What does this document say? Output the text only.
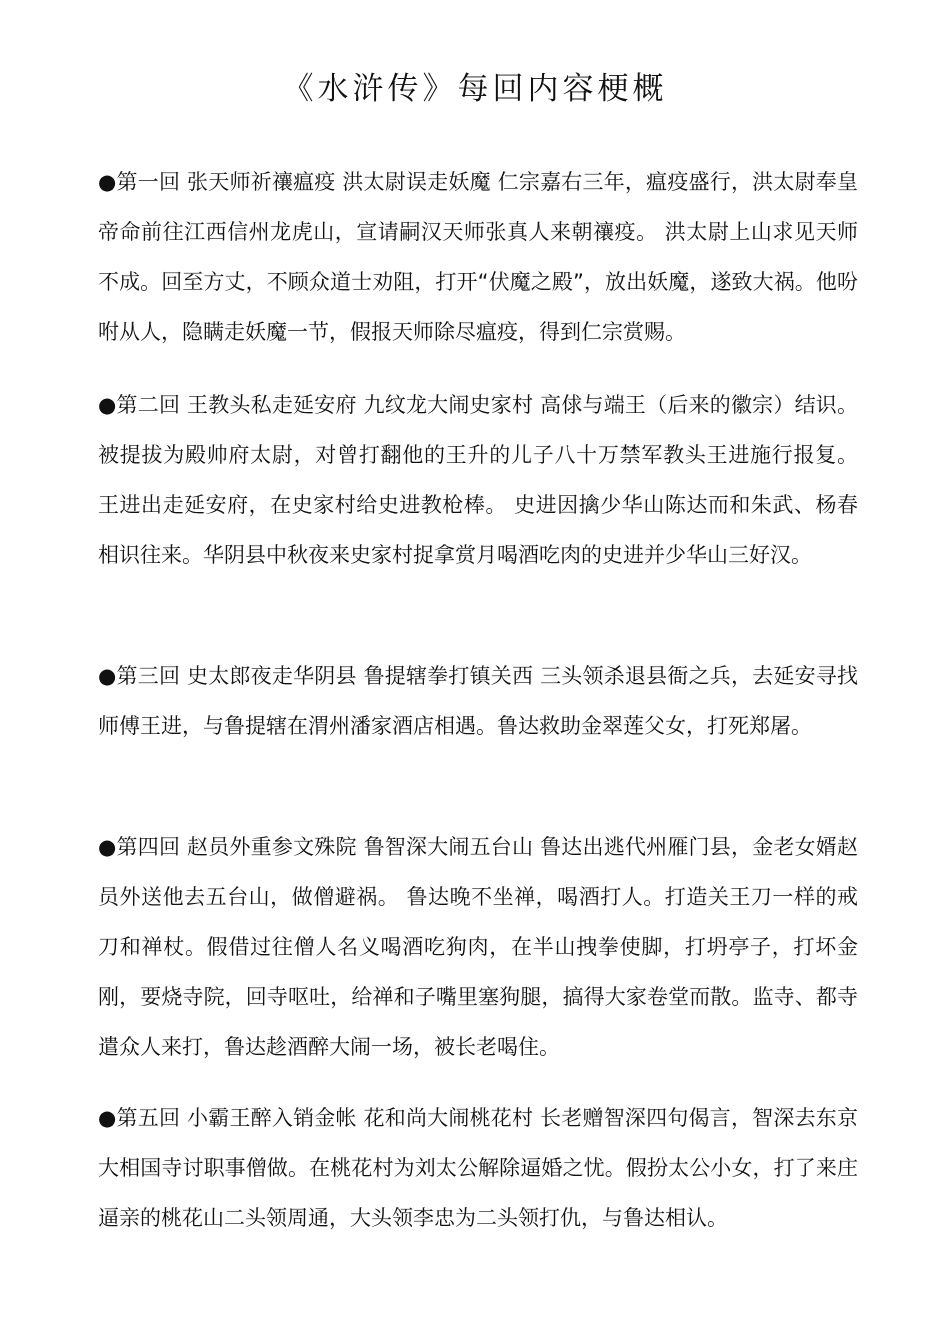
《水浒传》每回内容梗概

●第一回 张天师祈禳瘟疫 洪太尉误走妖魔 仁宗嘉右三年，瘟疫盛行，洪太尉奉皇帝命前往江西信州龙虎山，宣请嗣汉天师张真人来朝禳疫。 洪太尉上山求见天师不成。回至方丈，不顾众道士劝阻，打开“伏魔之殿”，放出妖魔，遂致大祸。他吩咐从人，隐瞒走妖魔一节，假报天师除尽瘟疫，得到仁宗赏赐。

●第二回 王教头私走延安府 九纹龙大闹史家村 高俅与端王（后来的徽宗）结识。被提拔为殿帅府太尉，对曾打翻他的王升的儿子八十万禁军教头王进施行报复。 王进出走延安府，在史家村给史进教枪棒。 史进因擒少华山陈达而和朱武、杨春相识往来。华阴县中秋夜来史家村捉拿赏月喝酒吃肉的史进并少华山三好汉。

●第三回 史太郎夜走华阴县 鲁提辖拳打镇关西 三头领杀退县衙之兵，去延安寻找师傅王进，与鲁提辖在渭州潘家酒店相遇。鲁达救助金翠莲父女，打死郑屠。

●第四回 赵员外重参文殊院 鲁智深大闹五台山 鲁达出逃代州雁门县，金老女婿赵员外送他去五台山，做僧避祸。 鲁达晚不坐禅，喝酒打人。打造关王刀一样的戒刀和禅杖。假借过往僧人名义喝酒吃狗肉，在半山拽拳使脚，打坍亭子，打坏金刚，要烧寺院，回寺呕吐，给禅和子嘴里塞狗腿，搞得大家卷堂而散。监寺、都寺遣众人来打，鲁达趁酒醉大闹一场，被长老喝住。

●第五回 小霸王醉入销金帐 花和尚大闹桃花村 长老赠智深四句偈言，智深去东京大相国寺讨职事僧做。在桃花村为刘太公解除逼婚之忧。假扮太公小女，打了来庄逼亲的桃花山二头领周通，大头领李忠为二头领打仇，与鲁达相认。
